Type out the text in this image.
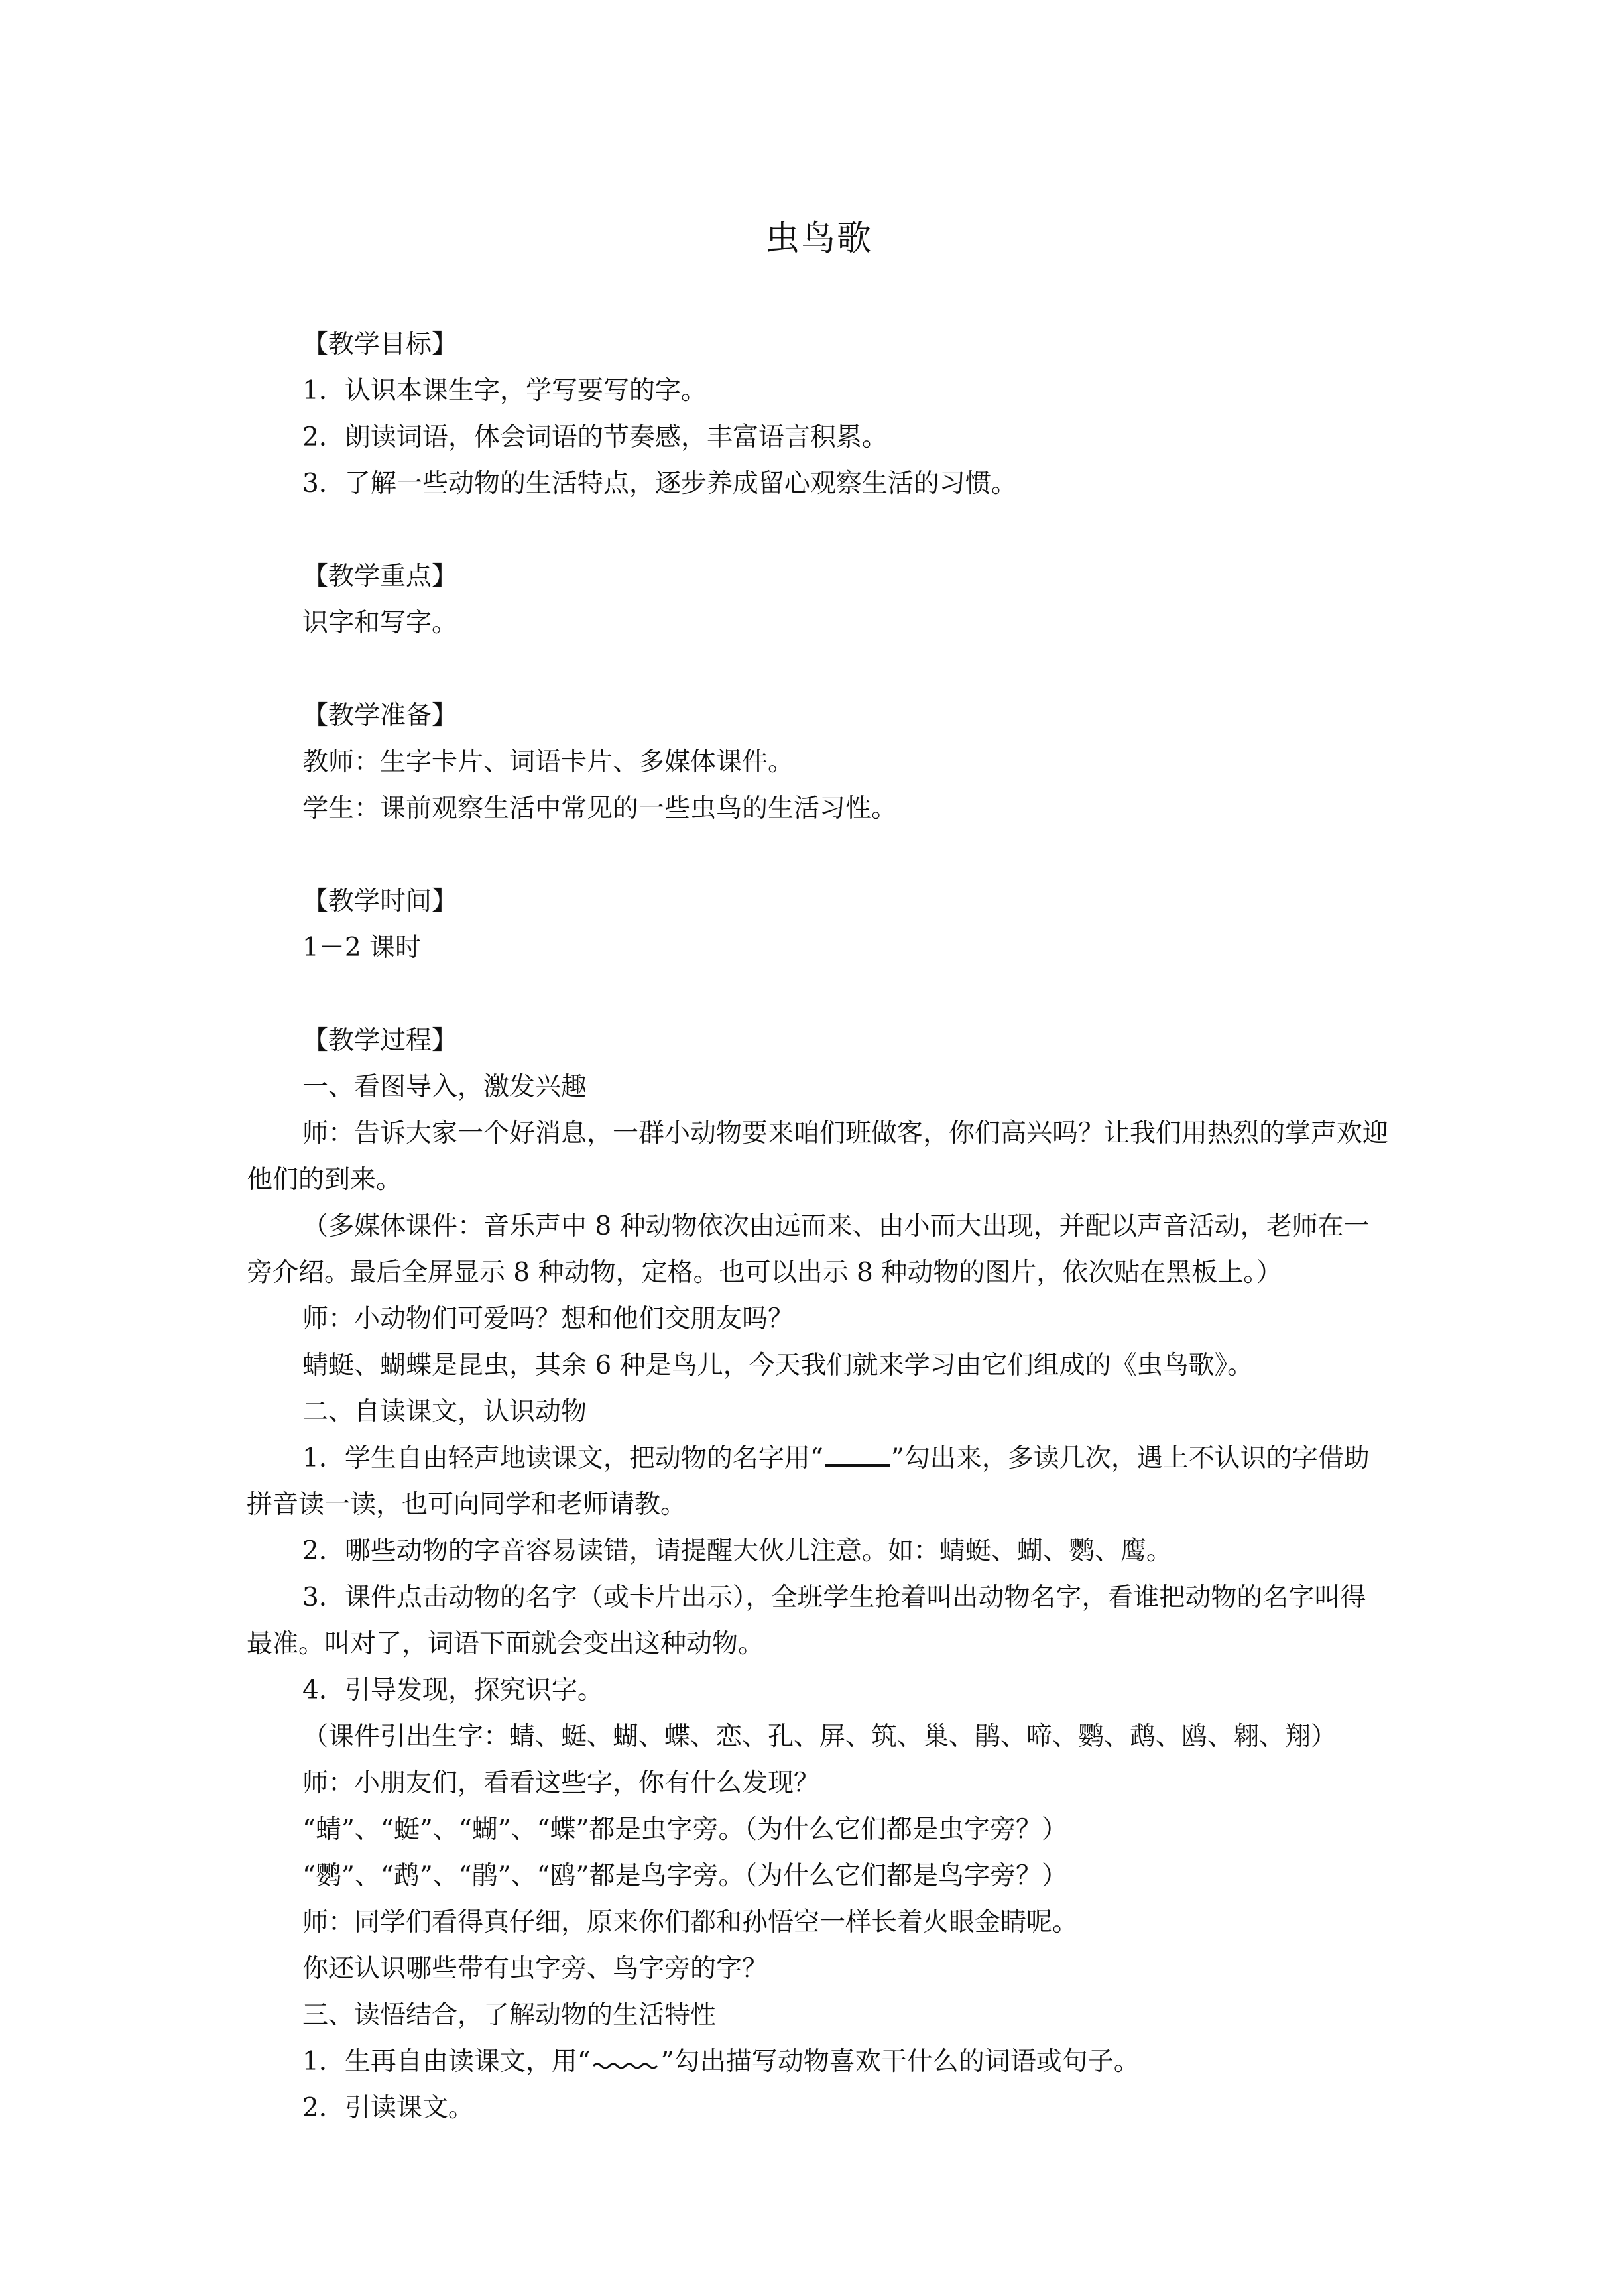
虫鸟歌

【教学目标】

1．认识本课生字，学写要写的字。

2．朗读词语，体会词语的节奏感，丰富语言积累。

3．了解一些动物的生活特点，逐步养成留心观察生活的习惯。

【教学重点】

识字和写字。

【教学准备】

教师：生字卡片、词语卡片、多媒体课件。

学生：课前观察生活中常见的一些虫鸟的生活习性。

【教学时间】

1－2 课时

【教学过程】

一、看图导入，激发兴趣

师：告诉大家一个好消息，一群小动物要来咱们班做客，你们高兴吗？让我们用热烈的掌声欢迎他们的到来。

（多媒体课件：音乐声中 8 种动物依次由远而来、由小而大出现，并配以声音活动，老师在一旁介绍。最后全屏显示 8 种动物，定格。也可以出示 8 种动物的图片，依次贴在黑板上。）

师：小动物们可爱吗？想和他们交朋友吗？

蜻蜓、蝴蝶是昆虫，其余 6 种是鸟儿，今天我们就来学习由它们组成的《虫鸟歌》。

二、自读课文，认识动物

1．学生自由轻声地读课文，把动物的名字用“	”勾出来，多读几次，遇上不认识的字借助拼音读一读，也可向同学和老师请教。

2．哪些动物的字音容易读错，请提醒大伙儿注意。如：蜻蜓、蝴、鹦、鹰。

3．课件点击动物的名字（或卡片出示），全班学生抢着叫出动物名字，看谁把动物的名字叫得最准。叫对了，词语下面就会变出这种动物。

4．引导发现，探究识字。

（课件引出生字：蜻、蜓、蝴、蝶、恋、孔、屏、筑、巢、鹃、啼、鹦、鹉、鸥、翱、翔）

师：小朋友们，看看这些字，你有什么发现？

“蜻”、“蜓”、“蝴”、“蝶”都是虫字旁。（为什么它们都是虫字旁？）

“鹦”、“鹉”、“鹃”、“鸥”都是鸟字旁。（为什么它们都是鸟字旁？）

师：同学们看得真仔细，原来你们都和孙悟空一样长着火眼金睛呢。

你还认识哪些带有虫字旁、鸟字旁的字？

三、读悟结合，了解动物的生活特性

1．生再自由读课文，用“	”勾出描写动物喜欢干什么的词语或句子。

2．引读课文。
